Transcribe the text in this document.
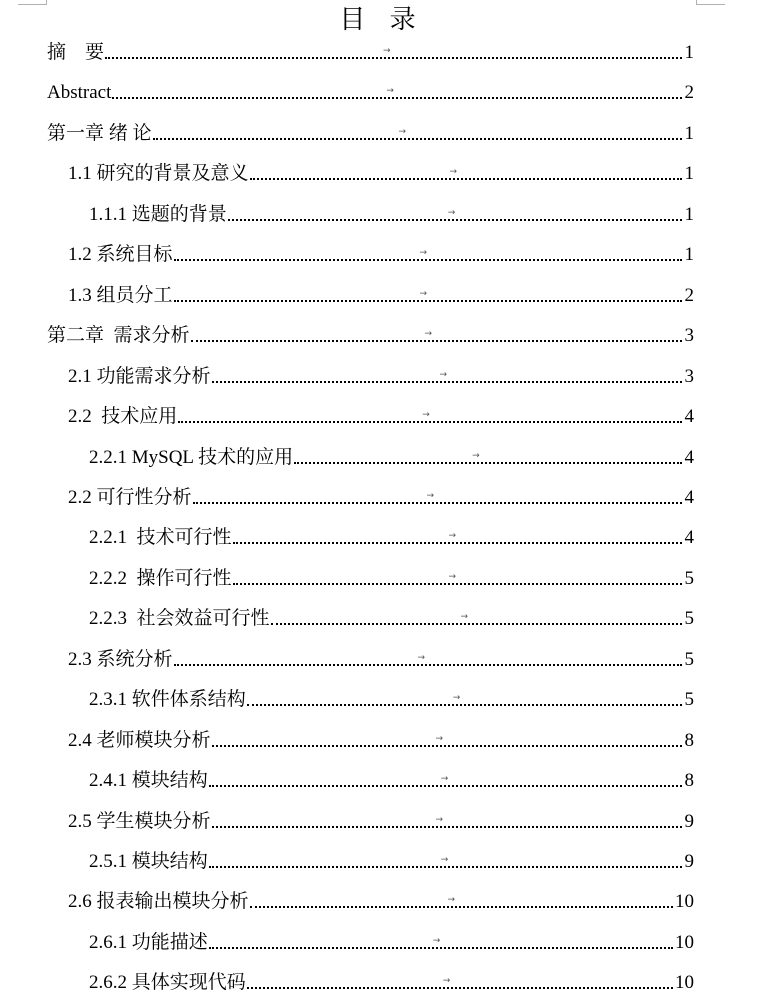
目 录
摘　要	→	1
Abstract	→	2
第一章 绪 论	→	1
1.1 研究的背景及意义	→	1
1.1.1 选题的背景	→	1
1.2 系统目标	→	1
1.3 组员分工	→	2
第二章  需求分析	→	3
2.1 功能需求分析	→	3
2.2  技术应用	→	4
2.2.1 MySQL 技术的应用	→	4
2.2 可行性分析	→	4
2.2.1  技术可行性	→	4
2.2.2  操作可行性	→	5
2.2.3  社会效益可行性	→	5
2.3 系统分析	→	5
2.3.1 软件体系结构	→	5
2.4 老师模块分析	→	8
2.4.1 模块结构	→	8
2.5 学生模块分析	→	9
2.5.1 模块结构	→	9
2.6 报表输出模块分析	→	10
2.6.1 功能描述	→	10
2.6.2 具体实现代码	→	10
